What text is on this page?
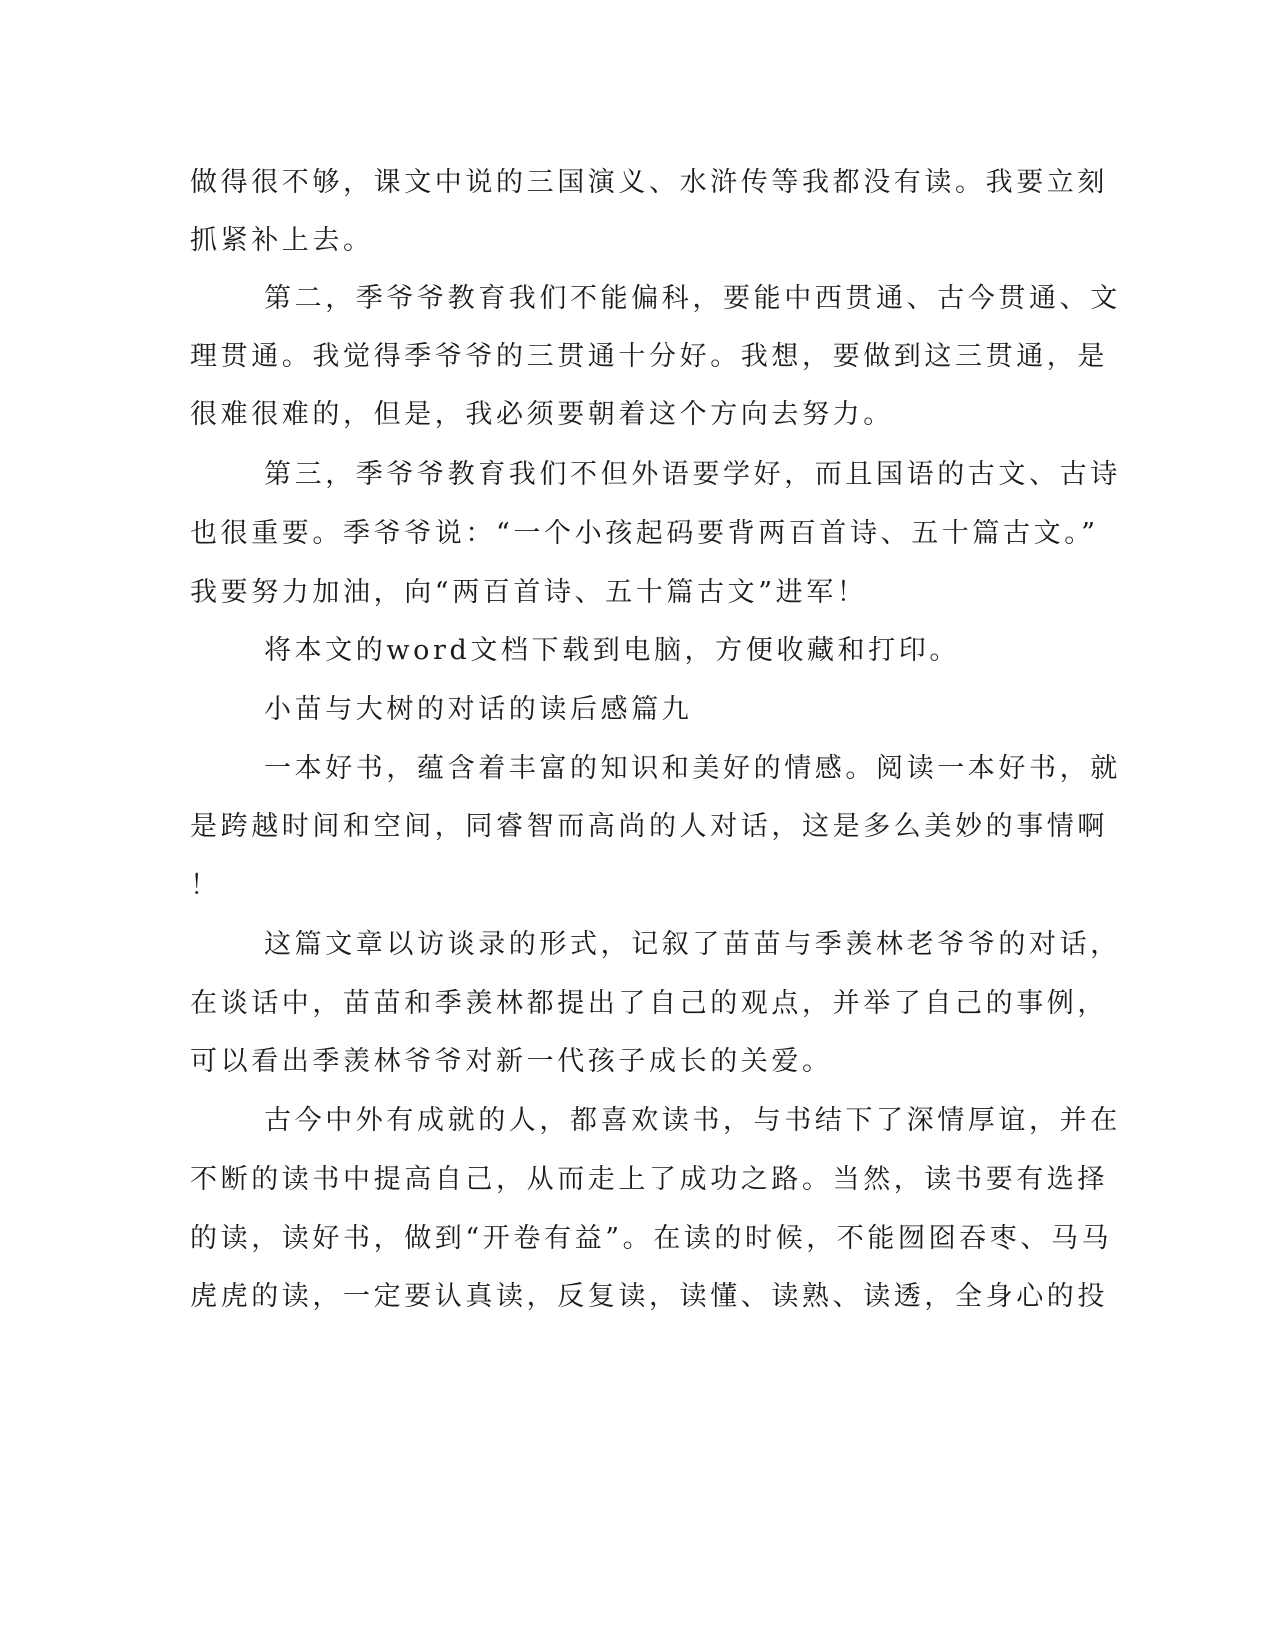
做得很不够，课文中说的三国演义、水浒传等我都没有读。我要立刻
抓紧补上去。
第二，季爷爷教育我们不能偏科，要能中西贯通、古今贯通、文
理贯通。我觉得季爷爷的三贯通十分好。我想，要做到这三贯通，是
很难很难的，但是，我必须要朝着这个方向去努力。
第三，季爷爷教育我们不但外语要学好，而且国语的古文、古诗
也很重要。季爷爷说：“一个小孩起码要背两百首诗、五十篇古文。”
我要努力加油，向“两百首诗、五十篇古文”进军！
将本文的word文档下载到电脑，方便收藏和打印。
小苗与大树的对话的读后感篇九
一本好书，蕴含着丰富的知识和美好的情感。阅读一本好书，就
是跨越时间和空间，同睿智而高尚的人对话，这是多么美妙的事情啊
！
这篇文章以访谈录的形式，记叙了苗苗与季羡林老爷爷的对话，
在谈话中，苗苗和季羡林都提出了自己的观点，并举了自己的事例，
可以看出季羡林爷爷对新一代孩子成长的关爱。
古今中外有成就的人，都喜欢读书，与书结下了深情厚谊，并在
不断的读书中提高自己，从而走上了成功之路。当然，读书要有选择
的读，读好书，做到“开卷有益”。在读的时候，不能囫囵吞枣、马马
虎虎的读，一定要认真读，反复读，读懂、读熟、读透，全身心的投
